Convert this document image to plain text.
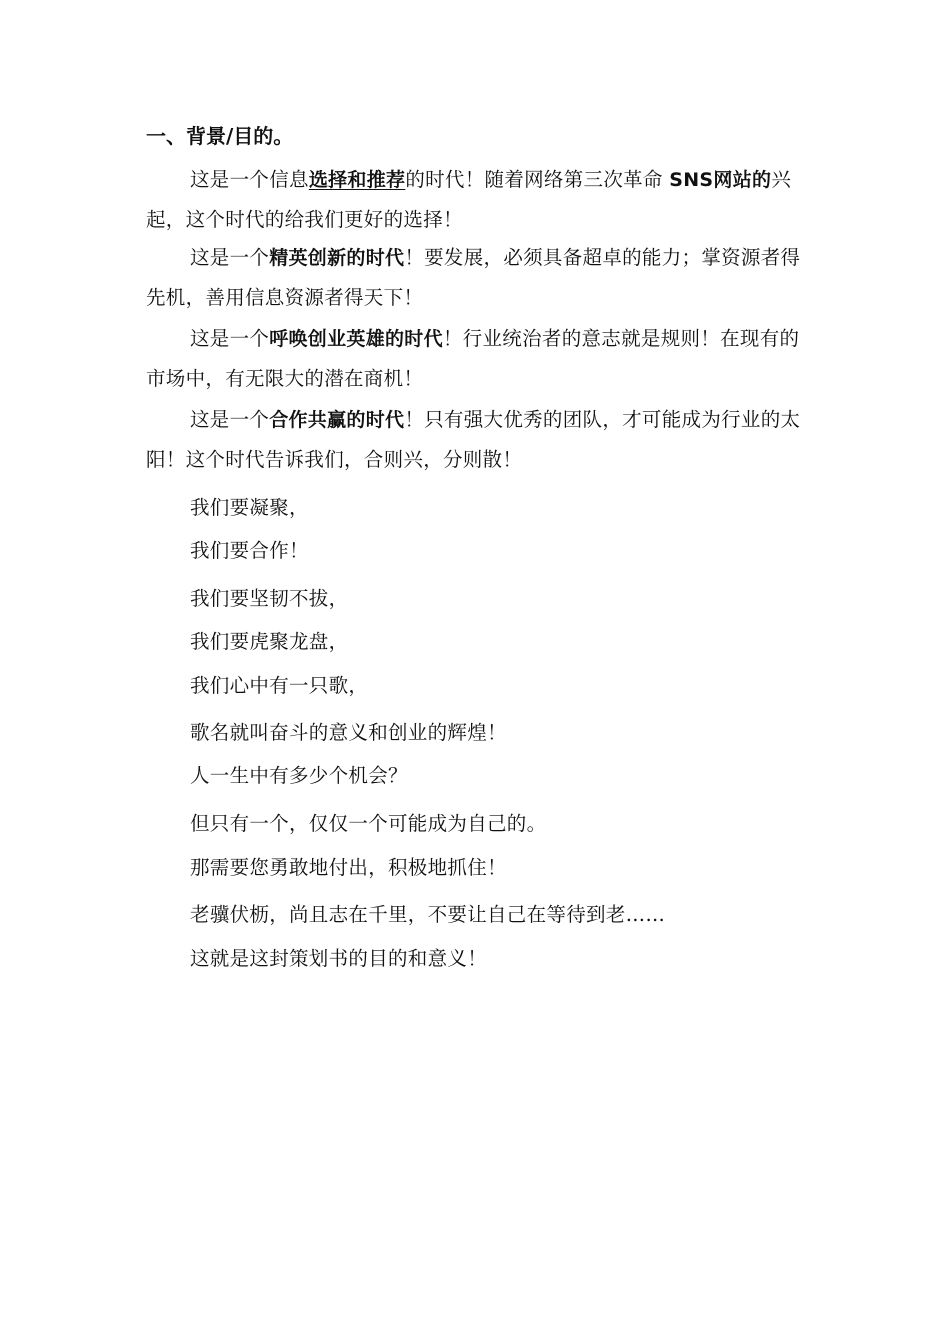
一、背景/目的。
这是一个信息选择和推荐的时代！随着网络第三次革命 SNS网站的兴起，这个时代的给我们更好的选择！
这是一个精英创新的时代！要发展，必须具备超卓的能力；掌资源者得先机，善用信息资源者得天下！
这是一个呼唤创业英雄的时代！行业统治者的意志就是规则！在现有的市场中，有无限大的潜在商机！
这是一个合作共赢的时代！只有强大优秀的团队，才可能成为行业的太阳！这个时代告诉我们，合则兴，分则散！
我们要凝聚，
我们要合作！
我们要坚韧不拔，
我们要虎聚龙盘，
我们心中有一只歌，
歌名就叫奋斗的意义和创业的辉煌！
人一生中有多少个机会？
但只有一个，仅仅一个可能成为自己的。
那需要您勇敢地付出，积极地抓住！
老骥伏枥，尚且志在千里，不要让自己在等待到老……
这就是这封策划书的目的和意义！
